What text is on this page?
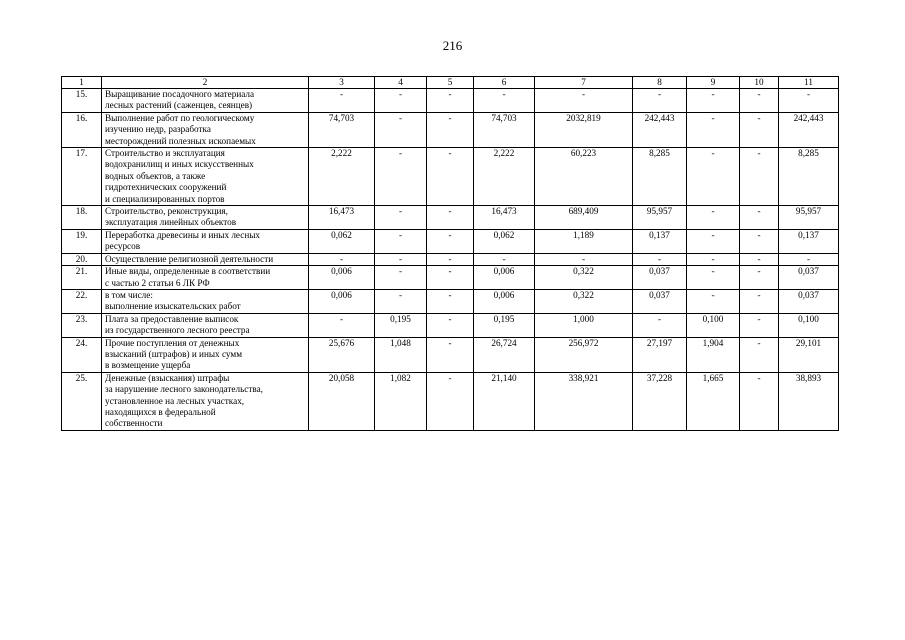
216
1	2	3	4	5	6	7	8	9	10	11
15.	Выращивание посадочного материала
лесных растений (саженцев, сеянцев)	-	-	-	-	-	-	-	-	-
16.	Выполнение работ по геологическому
изучению недр, разработка
месторождений полезных ископаемых	74,703	-	-	74,703	2032,819	242,443	-	-	242,443
17.	Строительство и эксплуатация
водохранилищ и иных искусственных
водных объектов, а также
гидротехнических сооружений
и специализированных портов	2,222	-	-	2,222	60,223	8,285	-	-	8,285
18.	Строительство, реконструкция,
эксплуатация линейных объектов	16,473	-	-	16,473	689,409	95,957	-	-	95,957
19.	Переработка древесины и иных лесных
ресурсов	0,062	-	-	0,062	1,189	0,137	-	-	0,137
20.	Осуществление религиозной деятельности	-	-	-	-	-	-	-	-	-
21.	Иные виды, определенные в соответствии
с частью 2 статьи 6 ЛК РФ	0,006	-	-	0,006	0,322	0,037	-	-	0,037
22.	в том числе:
выполнение изыскательских работ	0,006	-	-	0,006	0,322	0,037	-	-	0,037
23.	Плата за предоставление выписок
из государственного лесного реестра	-	0,195	-	0,195	1,000	-	0,100	-	0,100
24.	Прочие поступления от денежных
взысканий (штрафов) и иных сумм
в возмещение ущерба	25,676	1,048	-	26,724	256,972	27,197	1,904	-	29,101
25.	Денежные (взыскания) штрафы
за нарушение лесного законодательства,
установленное на лесных участках,
находящихся в федеральной
собственности	20,058	1,082	-	21,140	338,921	37,228	1,665	-	38,893
